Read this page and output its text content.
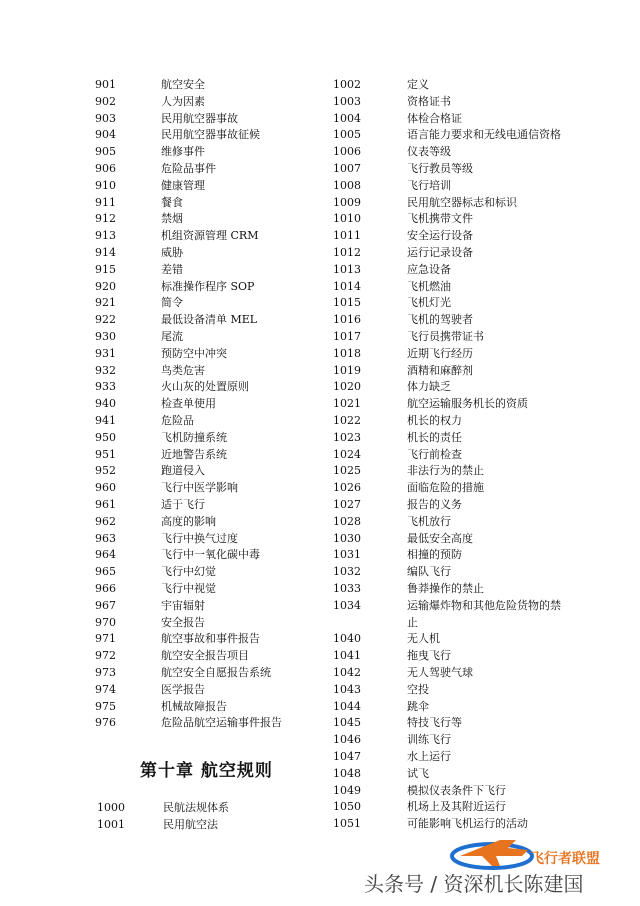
901	航空安全
902	人为因素
903	民用航空器事故
904	民用航空器事故征候
905	维修事件
906	危险品事件
910	健康管理
911	餐食
912	禁烟
913	机组资源管理 CRM
914	威胁
915	差错
920	标准操作程序 SOP
921	简令
922	最低设备清单 MEL
930	尾流
931	预防空中冲突
932	鸟类危害
933	火山灰的处置原则
940	检查单使用
941	危险品
950	飞机防撞系统
951	近地警告系统
952	跑道侵入
960	飞行中医学影响
961	适于飞行
962	高度的影响
963	飞行中换气过度
964	飞行中一氧化碳中毒
965	飞行中幻觉
966	飞行中视觉
967	宇宙辐射
970	安全报告
971	航空事故和事件报告
972	航空安全报告项目
973	航空安全自愿报告系统
974	医学报告
975	机械故障报告
976	危险品航空运输事件报告
第十章 航空规则
1000	民航法规体系
1001	民用航空法
1002	定义
1003	资格证书
1004	体检合格证
1005	语言能力要求和无线电通信资格
1006	仪表等级
1007	飞行教员等级
1008	飞行培训
1009	民用航空器标志和标识
1010	飞机携带文件
1011	安全运行设备
1012	运行记录设备
1013	应急设备
1014	飞机燃油
1015	飞机灯光
1016	飞机的驾驶者
1017	飞行员携带证书
1018	近期飞行经历
1019	酒精和麻醉剂
1020	体力缺乏
1021	航空运输服务机长的资质
1022	机长的权力
1023	机长的责任
1024	飞行前检查
1025	非法行为的禁止
1026	面临危险的措施
1027	报告的义务
1028	飞机放行
1030	最低安全高度
1031	相撞的预防
1032	编队飞行
1033	鲁莽操作的禁止
1034	运输爆炸物和其他危险货物的禁
止
1040	无人机
1041	拖曳飞行
1042	无人驾驶气球
1043	空投
1044	跳伞
1045	特技飞行等
1046	训练飞行
1047	水上运行
1048	试飞
1049	模拟仪表条件下飞行
1050	机场上及其附近运行
1051	可能影响飞机运行的活动
飞行者联盟
头条号 / 资深机长陈建国
